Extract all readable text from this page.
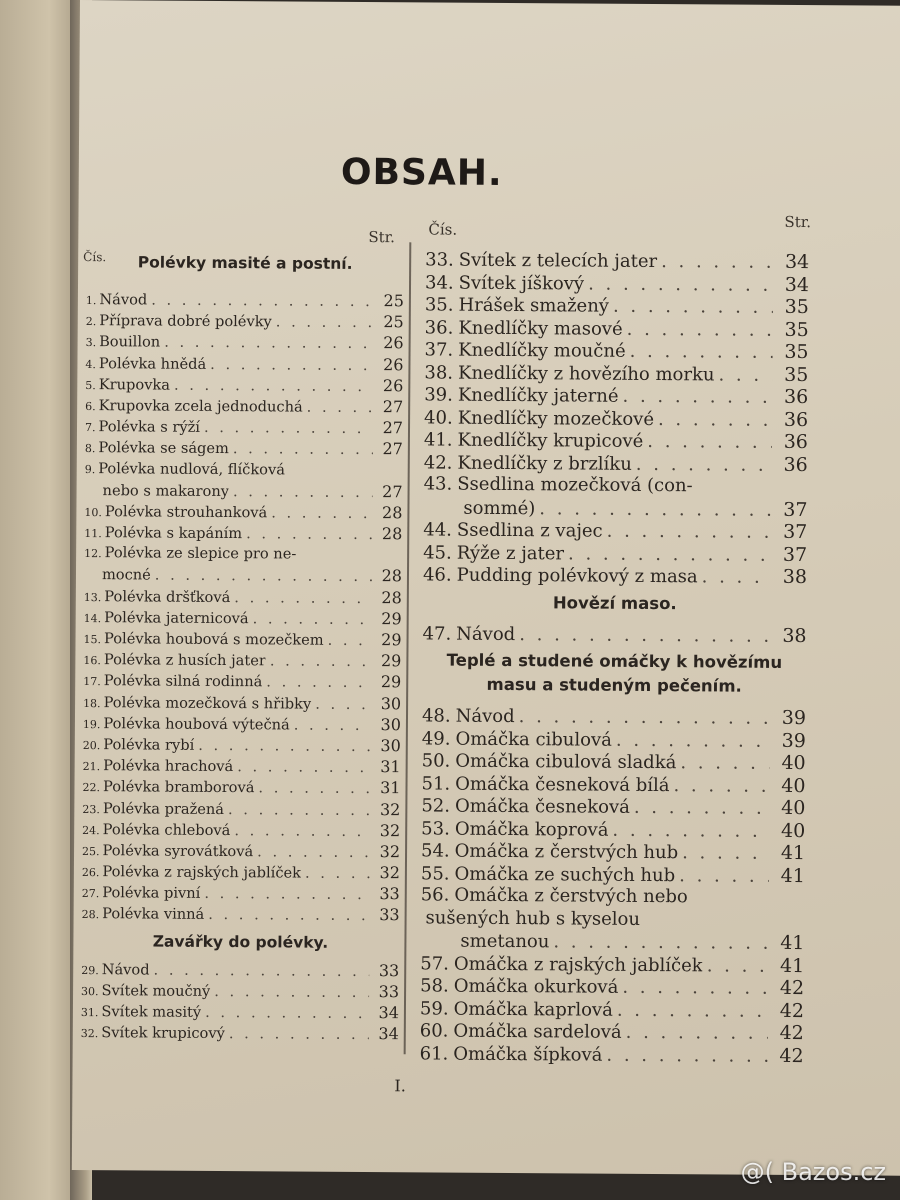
OBSAH.
Str.
Čís.
Čís.	Str.
Polévky masité a postní.
1. Návod . . .	25
2. Příprava dobré polévky . . .	25
3. Bouillon . . .	26
4. Polévka hnědá . . .	26
5. Krupovka . . .	26
6. Krupovka zcela jednoduchá . . .	27
7. Polévka s rýží . . .	27
8. Polévka se ságem . . .	27
9. Polévka nudlová, flíčková
nebo s makarony . . .	27
10. Polévka strouhanková . . .	28
11. Polévka s kapáním . . .	28
12. Polévka ze slepice pro ne-
mocné . . .	28
13. Polévka dršťková . . .	28
14. Polévka jaternicová . . .	29
15. Polévka houbová s mozečkem . . .	29
16. Polévka z husích jater . . .	29
17. Polévka silná rodinná . . .	29
18. Polévka mozečková s hřibky . . .	30
19. Polévka houbová výtečná . . .	30
20. Polévka rybí . . .	30
21. Polévka hrachová . . .	31
22. Polévka bramborová . . .	31
23. Polévka pražená . . .	32
24. Polévka chlebová . . .	32
25. Polévka syrovátková . . .	32
26. Polévka z rajských jablíček . . .	32
27. Polévka pivní . . .	33
28. Polévka vinná . . .	33
Zavářky do polévky.
29. Návod . . .	33
30. Svítek moučný . . .	33
31. Svítek masitý . . .	34
32. Svítek krupicový . . .	34
33. Svítek z telecích jater . . .	34
34. Svítek jíškový . . .	34
35. Hrášek smažený . . .	35
36. Knedlíčky masové . . .	35
37. Knedlíčky moučné . . .	35
38. Knedlíčky z hovězího morku . . .	35
39. Knedlíčky jaterné . . .	36
40. Knedlíčky mozečkové . . .	36
41. Knedlíčky krupicové . . .	36
42. Knedlíčky z brzlíku . . .	36
43. Ssedlina mozečková (con-
sommé) . . .	37
44. Ssedlina z vajec . . .	37
45. Rýže z jater . . .	37
46. Pudding polévkový z masa . . .	38
Hovězí maso.
47. Návod . . .	38
Teplé a studené omáčky k hovězímu masu a studeným pečením.
48. Návod . . .	39
49. Omáčka cibulová . . .	39
50. Omáčka cibulová sladká . . .	40
51. Omáčka česneková bílá . . .	40
52. Omáčka česneková . . .	40
53. Omáčka koprová . . .	40
54. Omáčka z čerstvých hub . . .	41
55. Omáčka ze suchých hub . . .	41
56. Omáčka z čerstvých nebo
sušených hub s kyselou
smetanou . . .	41
57. Omáčka z rajských jablíček . . .	41
58. Omáčka okurková . . .	42
59. Omáčka kaprlová . . .	42
60. Omáčka sardelová . . .	42
61. Omáčka šípková . . .	42
I.
@( Bazos.cz
